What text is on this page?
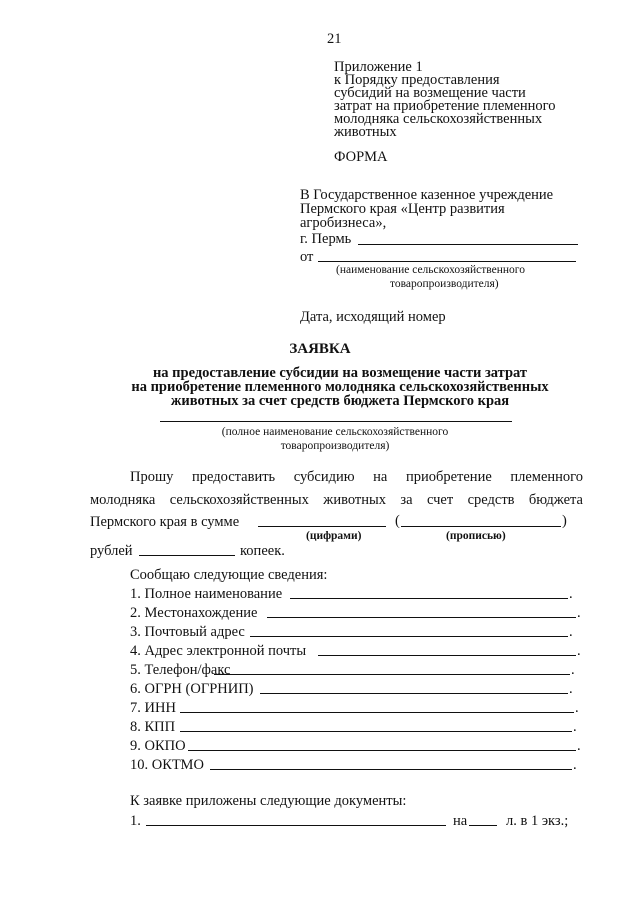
21
Приложение 1
к Порядку предоставления
субсидий на возмещение части
затрат на приобретение племенного
молодняка сельскохозяйственных
животных
ФОРМА
В Государственное казенное учреждение
Пермского края «Центр развития
агробизнеса»,
г. Пермь
от
(наименование сельскохозяйственного
товаропроизводителя)
Дата, исходящий номер
ЗАЯВКА
на предоставление субсидии на возмещение части затрат
на приобретение племенного молодняка сельскохозяйственных
животных за счет средств бюджета Пермского края
(полное наименование сельскохозяйственного
товаропроизводителя)
Прошу предоставить субсидию на приобретение племенного
молодняка сельскохозяйственных животных за счет средств бюджета
Пермского края в сумме	(	)
(цифрами)	(прописью)
рублей	копеек.
Сообщаю следующие сведения:
1. Полное наименование	.
2. Местонахождение	.
3. Почтовый адрес	.
4. Адрес электронной почты	.
5. Телефон/факс	.
6. ОГРН (ОГРНИП)	.
7. ИНН	.
8. КПП	.
9. ОКПО	.
10. ОКТМО	.
К заявке приложены следующие документы:
1.	на	л. в 1 экз.;
